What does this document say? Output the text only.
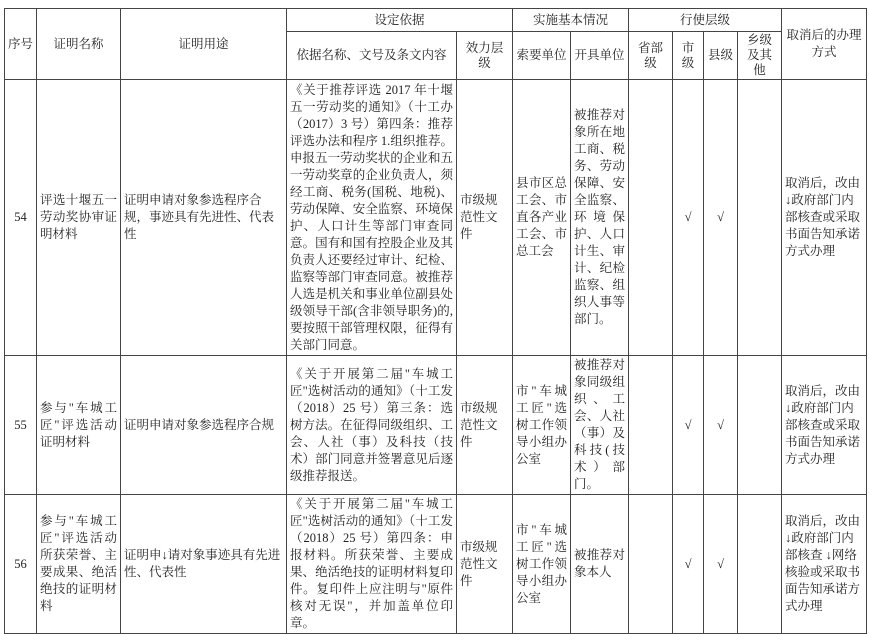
序号	证明名称	证明用途	设定依据		实施基本情况		行使层级				取消后的办理方式
			依据名称、文号及条文内容	效力层级	索要单位	开具单位	省部级	市级	县级	乡级及其他	
54	评选十堰五一劳动奖协审证明材料	证明申请对象参选程序合规，事迹具有先进性、代表性	《关于推荐评选 2017 年十堰五一劳动奖的通知》（十工办（2017）3 号）第四条：推荐评选办法和程序 1.组织推荐。申报五一劳动奖状的企业和五一劳动奖章的企业负责人，须经工商、税务(国税、地税)、劳动保障、安全监察、环境保护、人口计生等部门审查同意。国有和国有控股企业及其负责人还要经过审计、纪检、监察等部门审查同意。被推荐人选是机关和事业单位副县处级领导干部(含非领导职务)的,要按照干部管理权限，征得有关部门同意。	市级规范性文件	县市区总工会、市直各产业工会、市总工会	被推荐对象所在地工商、税务、劳动保障、安全监察、环 境 保护、人口计生、审计、纪检监察、组织人事等部门。		√	√		取消后，改由↓政府部门内部核查或采取书面告知承诺方式办理
55	参与"车城工匠"评选活动证明材料	证明申请对象参选程序合规	《关于开展第二届"车城工匠"选树活动的通知》（十工发（2018）25 号）第三条：选树方法。在征得同级组织、工会、人社（事）及科技（技术）部门同意并签署意见后逐级推荐报送。	市级规范性文件	市"车城工匠"选树工作领导小组办公室	被推荐对象同级组织、工会、人社（事）及科技(技术）部门。		√	√		取消后，改由↓政府部门内部核查或采取书面告知承诺方式办理
56	参与"车城工匠"评选活动所获荣誉、主要成果、绝活绝技的证明材料	证明申↓请对象事迹具有先进性、代表性	《关于开展第二届"车城工匠"选树活动的通知》（十工发（2018）25 号）第四条：申报材料。所获荣誉、主要成果、绝活绝技的证明材料复印件。复印件上应注明与"原件核对无误"，并加盖单位印章。	市级规范性文件	市"车城工匠"选树工作领导小组办公室	被推荐对象本人		√	√		取消后，改由↓政府部门内部核查 ↓网络核验或采取书面告知承诺方式办理
